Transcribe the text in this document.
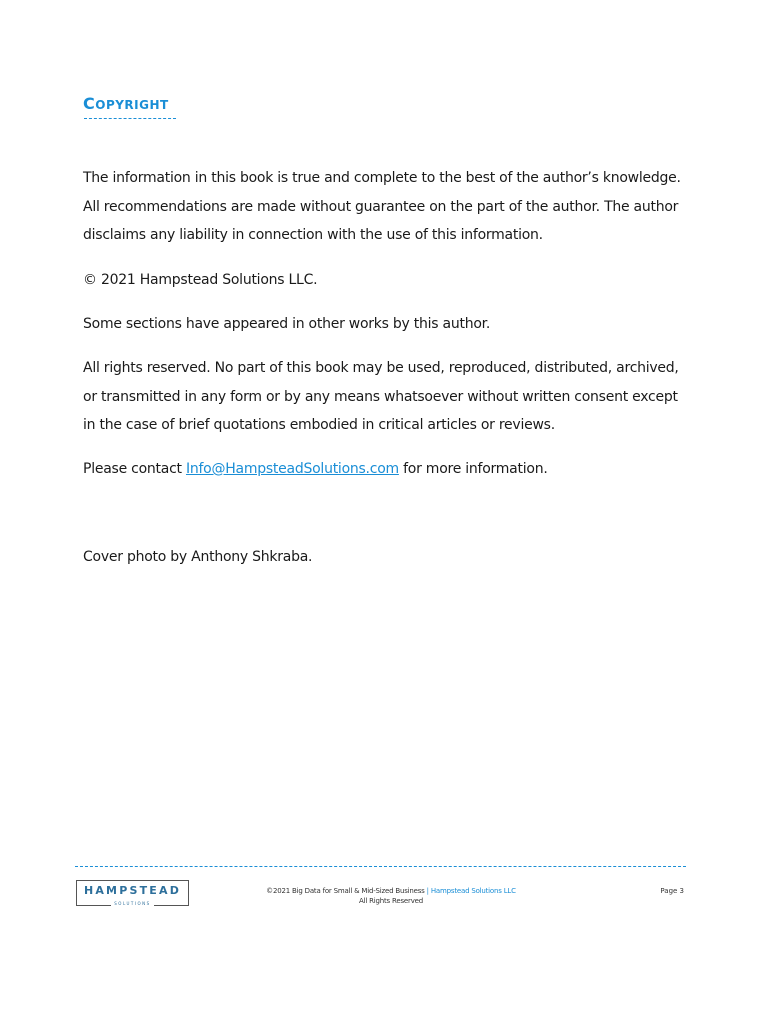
COPYRIGHT

The information in this book is true and complete to the best of the author’s knowledge. All recommendations are made without guarantee on the part of the author. The author disclaims any liability in connection with the use of this information.

© 2021 Hampstead Solutions LLC.

Some sections have appeared in other works by this author.

All rights reserved. No part of this book may be used, reproduced, distributed, archived, or transmitted in any form or by any means whatsoever without written consent except in the case of brief quotations embodied in critical articles or reviews.

Please contact Info@HampsteadSolutions.com for more information.

Cover photo by Anthony Shkraba.

HAMPSTEAD
SOLUTIONS
©2021 Big Data for Small & Mid-Sized Business | Hampstead Solutions LLC
All Rights Reserved
Page 3
